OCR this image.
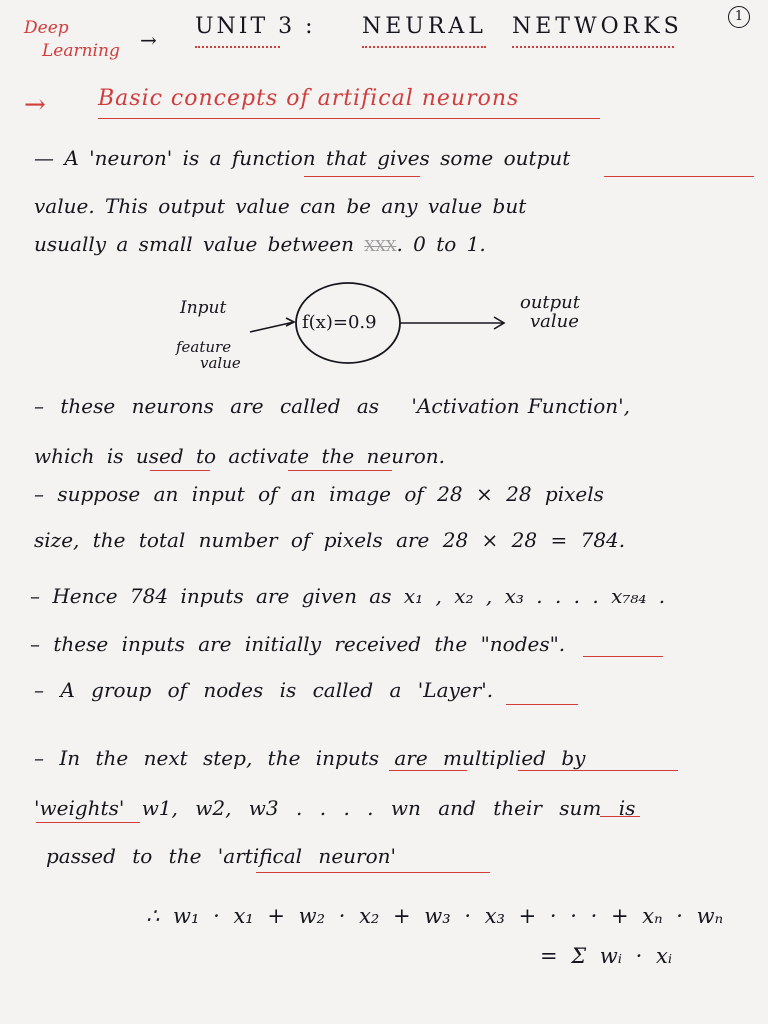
Deep
Learning →
UNIT 3 : NEURAL NETWORKS	1
→ Basic concepts of artifical neurons
— A 'neuron' is a function that gives some output
value. This output value can be any value but
usually a small value between XXX. 0 to 1.
Input
feature
value
f(x)=0.9
output
value
– these neurons are called as 'Activation Function',
which is used to activate the neuron.
– suppose an input of an image of 28 × 28 pixels
size, the total number of pixels are 28 × 28 = 784.
– Hence 784 inputs are given as x₁ , x₂ , x₃ . . . . x₇₈₄ .
– these inputs are initially received the "nodes".
– A group of nodes is called a 'Layer'.
– In the next step, the inputs are multiplied by
'weights' w1, w2, w3 . . . . wn and their sum is
passed to the 'artifical neuron'
∴ w₁ · x₁ + w₂ · x₂ + w₃ · x₃ + · · · + xₙ · wₙ
= Σ wᵢ · xᵢ
